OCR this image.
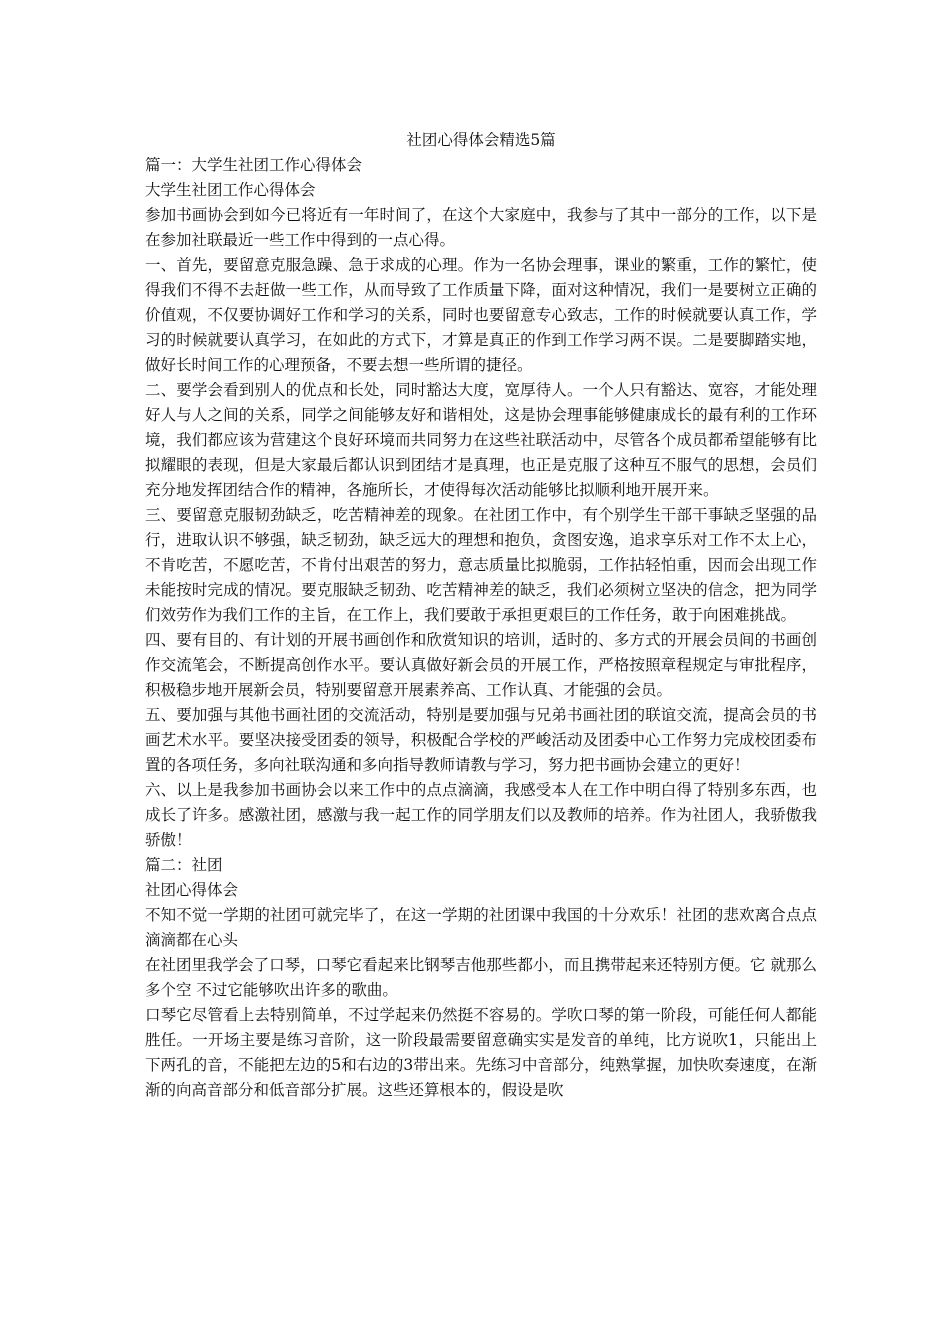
社团心得体会精选5篇

篇一：大学生社团工作心得体会

大学生社团工作心得体会

参加书画协会到如今已将近有一年时间了，在这个大家庭中，我参与了其中一部分的工作，以下是在参加社联最近一些工作中得到的一点心得。

一、首先，要留意克服急躁、急于求成的心理。作为一名协会理事，课业的繁重，工作的繁忙，使得我们不得不去赶做一些工作，从而导致了工作质量下降，面对这种情况，我们一是要树立正确的价值观，不仅要协调好工作和学习的关系，同时也要留意专心致志，工作的时候就要认真工作，学习的时候就要认真学习，在如此的方式下，才算是真正的作到工作学习两不误。二是要脚踏实地，做好长时间工作的心理预备，不要去想一些所谓的捷径。

二、要学会看到别人的优点和长处，同时豁达大度，宽厚待人。一个人只有豁达、宽容，才能处理好人与人之间的关系，同学之间能够友好和谐相处，这是协会理事能够健康成长的最有利的工作环境，我们都应该为营建这个良好环境而共同努力在这些社联活动中，尽管各个成员都希望能够有比拟耀眼的表现，但是大家最后都认识到团结才是真理，也正是克服了这种互不服气的思想，会员们充分地发挥团结合作的精神，各施所长，才使得每次活动能够比拟顺利地开展开来。

三、要留意克服韧劲缺乏，吃苦精神差的现象。在社团工作中，有个别学生干部干事缺乏坚强的品行，进取认识不够强，缺乏韧劲，缺乏远大的理想和抱负，贪图安逸，追求享乐对工作不太上心，不肯吃苦，不愿吃苦，不肯付出艰苦的努力，意志质量比拟脆弱，工作拈轻怕重，因而会出现工作未能按时完成的情况。要克服缺乏韧劲、吃苦精神差的缺乏，我们必须树立坚决的信念，把为同学们效劳作为我们工作的主旨，在工作上，我们要敢于承担更艰巨的工作任务，敢于向困难挑战。

四、要有目的、有计划的开展书画创作和欣赏知识的培训，适时的、多方式的开展会员间的书画创作交流笔会，不断提高创作水平。要认真做好新会员的开展工作，严格按照章程规定与审批程序，积极稳步地开展新会员，特别要留意开展素养高、工作认真、才能强的会员。

五、要加强与其他书画社团的交流活动，特别是要加强与兄弟书画社团的联谊交流，提高会员的书画艺术水平。要坚决接受团委的领导，积极配合学校的严峻活动及团委中心工作努力完成校团委布置的各项任务，多向社联沟通和多向指导教师请教与学习，努力把书画协会建立的更好！

六、以上是我参加书画协会以来工作中的点点滴滴，我感受本人在工作中明白得了特别多东西，也成长了许多。感激社团，感激与我一起工作的同学朋友们以及教师的培养。作为社团人，我骄傲我骄傲！

篇二：社团

社团心得体会

不知不觉一学期的社团可就完毕了，在这一学期的社团课中我国的十分欢乐！社团的悲欢离合点点滴滴都在心头

在社团里我学会了口琴，口琴它看起来比钢琴吉他那些都小，而且携带起来还特别方便。它 就那么多个空 不过它能够吹出许多的歌曲。

口琴它尽管看上去特别简单，不过学起来仍然挺不容易的。学吹口琴的第一阶段，可能任何人都能胜任。一开场主要是练习音阶，这一阶段最需要留意确实实是发音的单纯，比方说吹1，只能出上下两孔的音，不能把左边的5和右边的3带出来。先练习中音部分，纯熟掌握，加快吹奏速度，在渐渐的向高音部分和低音部分扩展。这些还算根本的，假设是吹
